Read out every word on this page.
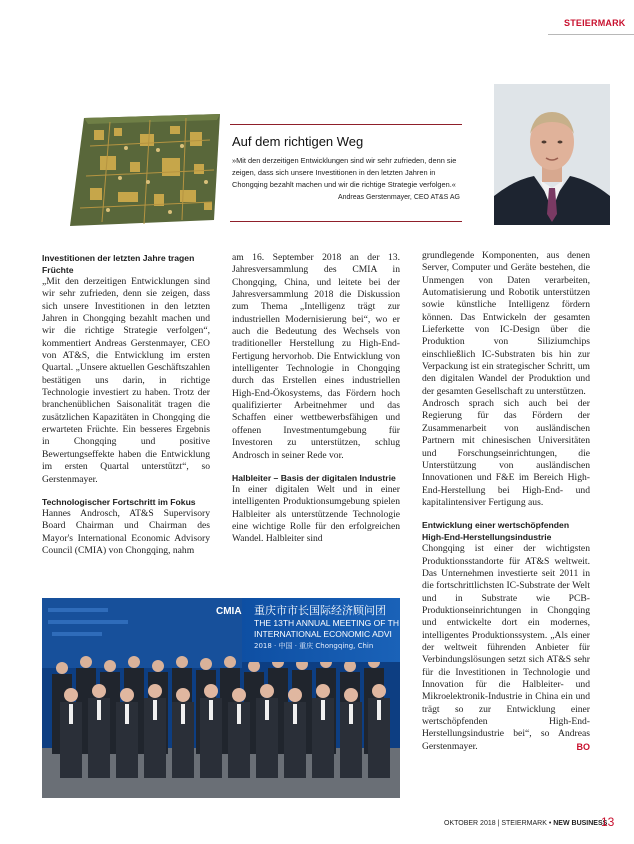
STEIERMARK
Auf dem richtigen Weg
»Mit den derzeitigen Entwicklungen sind wir sehr zufrieden, denn sie zeigen, dass sich unsere Investitionen in den letzten Jahren in Chongqing bezahlt machen und wir die richtige Strategie verfolgen.«
Andreas Gerstenmayer, CEO AT&S AG

Investitionen der letzten Jahre tragen Früchte

„Mit den derzeitigen Entwicklungen sind wir sehr zufrieden, denn sie zeigen, dass sich unsere Investitionen in den letzten Jahren in Chongqing bezahlt machen und wir die richtige Strategie verfolgen“, kommentiert Andreas Gerstenmayer, CEO von AT&S, die Entwicklung im ersten Quartal. „Unsere aktuellen Geschäftszahlen bestätigen uns darin, in richtige Technologie investiert zu haben. Trotz der branchenüblichen Saisonalität tragen die zusätzlichen Kapazitäten in Chongqing die erwarteten Früchte. Ein besseres Ergebnis in Chongqing und positive Bewertungseffekte haben die Entwicklung im ersten Quartal unterstützt“, so Gerstenmayer.

Technologischer Fortschritt im Fokus

Hannes Androsch, AT&S Supervisory Board Chairman und Chairman des Mayor's International Economic Advisory Council (CMIA) von Chongqing, nahm

am 16. September 2018 an der 13. Jahresversammlung des CMIA in Chongqing, China, und leitete bei der Jahresversammlung 2018 die Diskussion zum Thema „Intelligenz trägt zur industriellen Modernisierung bei“, wo er auch die Bedeutung des Wechsels von traditioneller Herstellung zu High-End-Fertigung hervorhob. Die Entwicklung von intelligenter Technologie in Chongqing durch das Erstellen eines industriellen High-End-Ökosystems, das Fördern hoch qualifizierter Arbeitnehmer und das Schaffen einer wettbewerbsfähigen und offenen Investmentumgebung für Investoren zu unterstützen, schlug Androsch in seiner Rede vor.

Halbleiter – Basis der digitalen Industrie

In einer digitalen Welt und in einer intelligenten Produktionsumgebung spielen Halbleiter als unterstützende Technologie eine wichtige Rolle für den erfolgreichen Wandel. Halbleiter sind

grundlegende Komponenten, aus denen Server, Computer und Geräte bestehen, die Unmengen von Daten verarbeiten, Automatisierung und Robotik unterstützen sowie künstliche Intelligenz fördern können. Das Entwickeln der gesamten Lieferkette von IC-Design über die Produktion von Siliziumchips einschließlich IC-Substraten bis hin zur Verpackung ist ein strategischer Schritt, um den digitalen Wandel der Produktion und der gesamten Gesellschaft zu unterstützen.

Androsch sprach sich auch bei der Regierung für das Fördern der Zusammenarbeit von ausländischen Partnern mit chinesischen Universitäten und Forschungseinrichtungen, die Unterstützung von ausländischen Innovationen und F&E im Bereich High-End-Herstellung bei High-End- und kapitalintensiver Fertigung aus.

Entwicklung einer wertschöpfenden High-End-Herstellungsindustrie

Chongqing ist einer der wichtigsten Produktionsstandorte für AT&S weltweit. Das Unternehmen investierte seit 2011 in die fortschrittlichsten IC-Substrate der Welt und in Substrate wie PCB-Produktionseinrichtungen in Chongqing und entwickelte dort ein modernes, intelligentes Produktionssystem. „Als einer der weltweit führenden Anbieter für Verbindungslösungen setzt sich AT&S sehr für die Investitionen in Technologie und Innovation für die Halbleiter- und Mikroelektronik-Industrie in China ein und trägt so zur Entwicklung einer wertschöpfenden High-End-Herstellungsindustrie bei“, so Andreas Gerstenmayer.	BO

CMIA 重庆市市长国际经济顾问团
THE 13TH ANNUAL MEETING OF TH
INTERNATIONAL ECONOMIC ADVI
2018 · 中国 · 重庆 Chongqing, Chin
OKTOBER 2018 | STEIERMARK • NEW BUSINESS
13
